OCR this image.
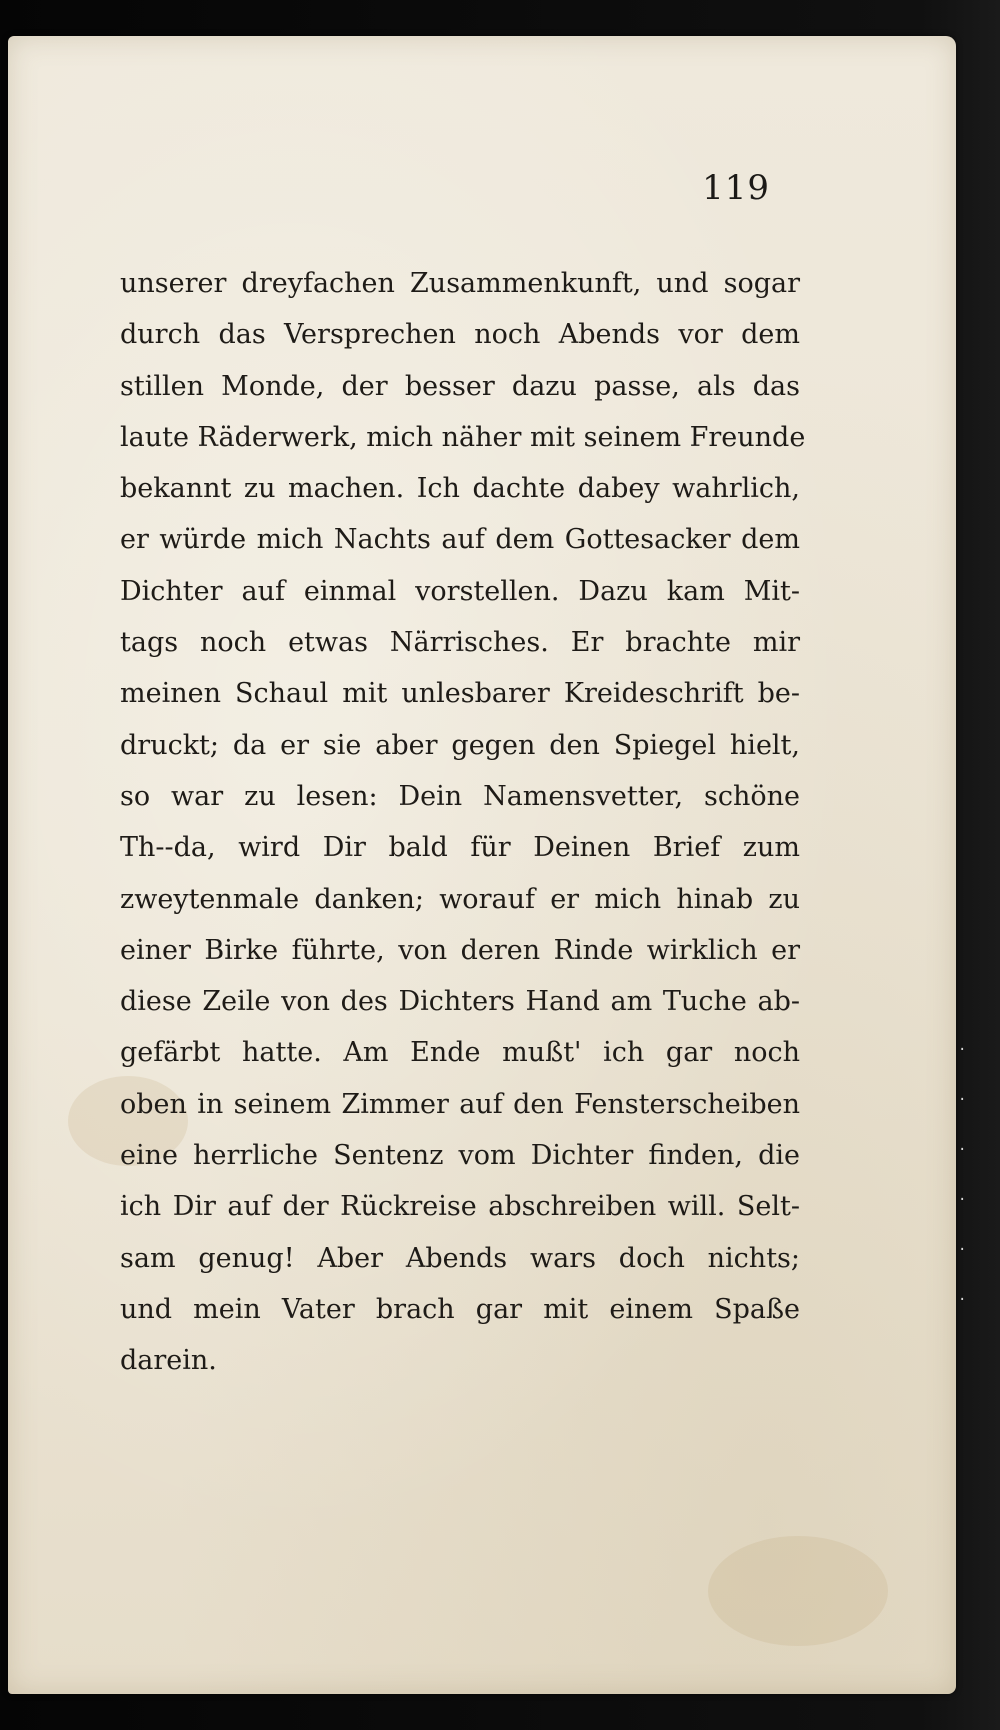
119
unserer dreyfachen Zusammenkunft, und sogar
durch das Versprechen noch Abends vor dem
stillen Monde, der besser dazu passe, als das
laute Räderwerk, mich näher mit seinem Freunde
bekannt zu machen. Ich dachte dabey wahrlich,
er würde mich Nachts auf dem Gottesacker dem
Dichter auf einmal vorstellen. Dazu kam Mit-
tags noch etwas Närrisches. Er brachte mir
meinen Schaul mit unlesbarer Kreideschrift be-
druckt; da er sie aber gegen den Spiegel hielt,
so war zu lesen: Dein Namensvetter, schöne
Th--da, wird Dir bald für Deinen Brief zum
zweytenmale danken; worauf er mich hinab zu
einer Birke führte, von deren Rinde wirklich er
diese Zeile von des Dichters Hand am Tuche ab-
gefärbt hatte. Am Ende mußt' ich gar noch
oben in seinem Zimmer auf den Fensterscheiben
eine herrliche Sentenz vom Dichter finden, die
ich Dir auf der Rückreise abschreiben will. Selt-
sam genug! Aber Abends wars doch nichts;
und mein Vater brach gar mit einem Spaße
darein.
· · ·
· · ·
